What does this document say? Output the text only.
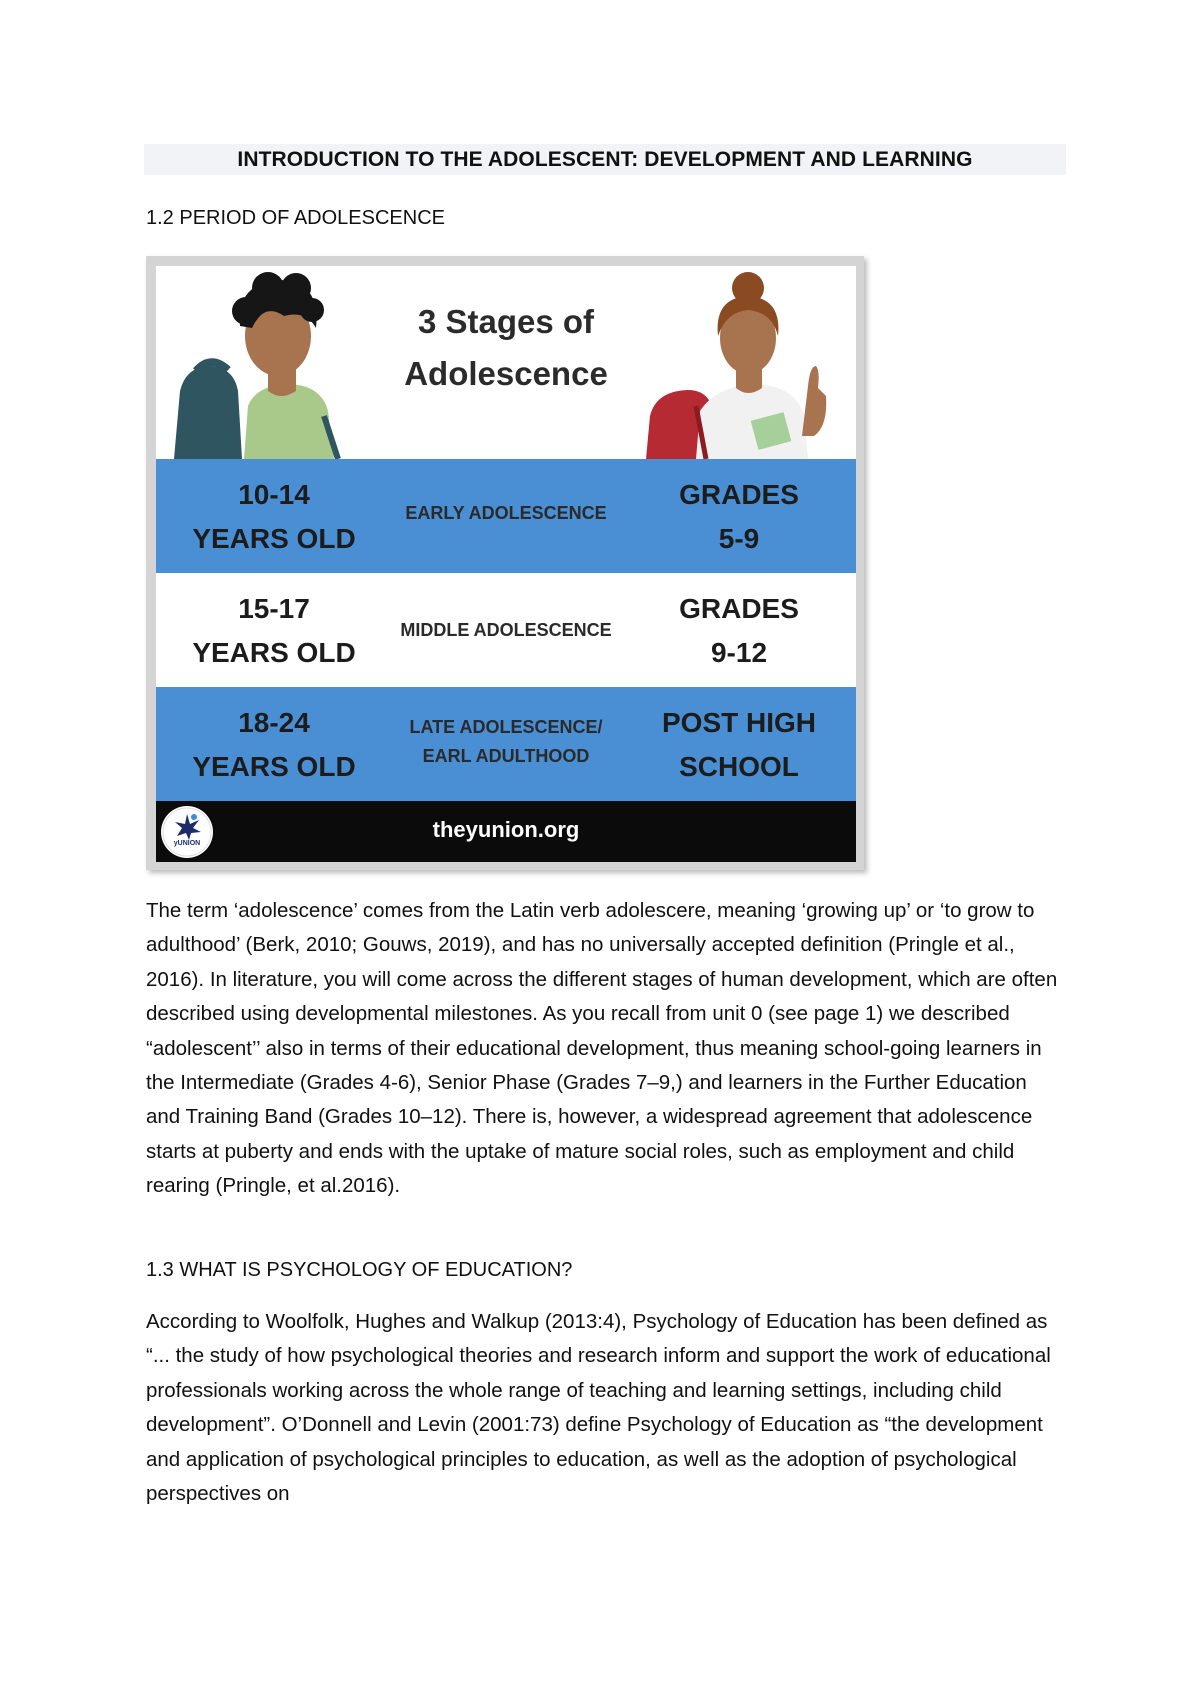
INTRODUCTION TO THE ADOLESCENT: DEVELOPMENT AND LEARNING
1.2 PERIOD OF ADOLESCENCE
3 Stages of
Adolescence
10-14
YEARS OLD
EARLY ADOLESCENCE
GRADES
5-9
15-17
YEARS OLD
MIDDLE ADOLESCENCE
GRADES
9-12
18-24
YEARS OLD
LATE ADOLESCENCE/
EARL ADULTHOOD
POST HIGH
SCHOOL
yUNION
theyunion.org

The term ‘adolescence’ comes from the Latin verb adolescere, meaning ‘growing up’ or ‘to grow to adulthood’ (Berk, 2010; Gouws, 2019), and has no universally accepted definition (Pringle et al., 2016). In literature, you will come across the different stages of human development, which are often described using developmental milestones. As you recall from unit 0 (see page 1) we described “adolescent’’ also in terms of their educational development, thus meaning school-going learners in the Intermediate (Grades 4-6), Senior Phase (Grades 7–9,) and learners in the Further Education and Training Band (Grades 10–12). There is, however, a widespread agreement that adolescence starts at puberty and ends with the uptake of mature social roles, such as employment and child rearing (Pringle, et al.2016).

1.3 WHAT IS PSYCHOLOGY OF EDUCATION?

According to Woolfolk, Hughes and Walkup (2013:4), Psychology of Education has been defined as “... the study of how psychological theories and research inform and support the work of educational professionals working across the whole range of teaching and learning settings, including child development”. O’Donnell and Levin (2001:73) define Psychology of Education as “the development and application of psychological principles to education, as well as the adoption of psychological perspectives on
